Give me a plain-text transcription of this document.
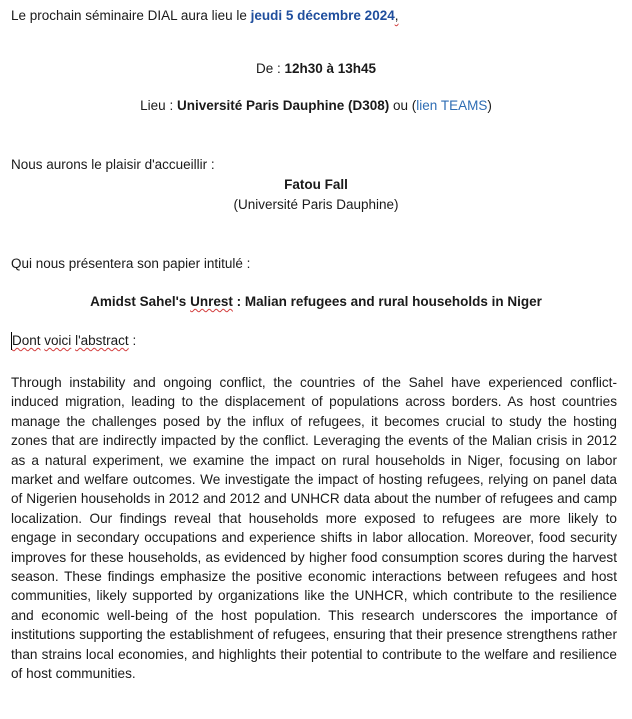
Le prochain séminaire DIAL aura lieu le jeudi 5 décembre 2024,
De : 12h30 à 13h45
Lieu : Université Paris Dauphine (D308) ou (lien TEAMS)
Nous aurons le plaisir d'accueillir :
Fatou Fall
(Université Paris Dauphine)
Qui nous présentera son papier intitulé :
Amidst Sahel's Unrest : Malian refugees and rural households in Niger
Dont voici l'abstract :
Through instability and ongoing conflict, the countries of the Sahel have experienced conflict-induced migration, leading to the displacement of populations across borders. As host countries manage the challenges posed by the influx of refugees, it becomes crucial to study the hosting zones that are indirectly impacted by the conflict. Leveraging the events of the Malian crisis in 2012 as a natural experiment, we examine the impact on rural households in Niger, focusing on labor market and welfare outcomes. We investigate the impact of hosting refugees, relying on panel data of Nigerien households in 2012 and 2012 and UNHCR data about the number of refugees and camp localization. Our findings reveal that households more exposed to refugees are more likely to engage in secondary occupations and experience shifts in labor allocation. Moreover, food security improves for these households, as evidenced by higher food consumption scores during the harvest season. These findings emphasize the positive economic interactions between refugees and host communities, likely supported by organizations like the UNHCR, which contribute to the resilience and economic well-being of the host population. This research underscores the importance of institutions supporting the establishment of refugees, ensuring that their presence strengthens rather than strains local economies, and highlights their potential to contribute to the welfare and resilience of host communities.
